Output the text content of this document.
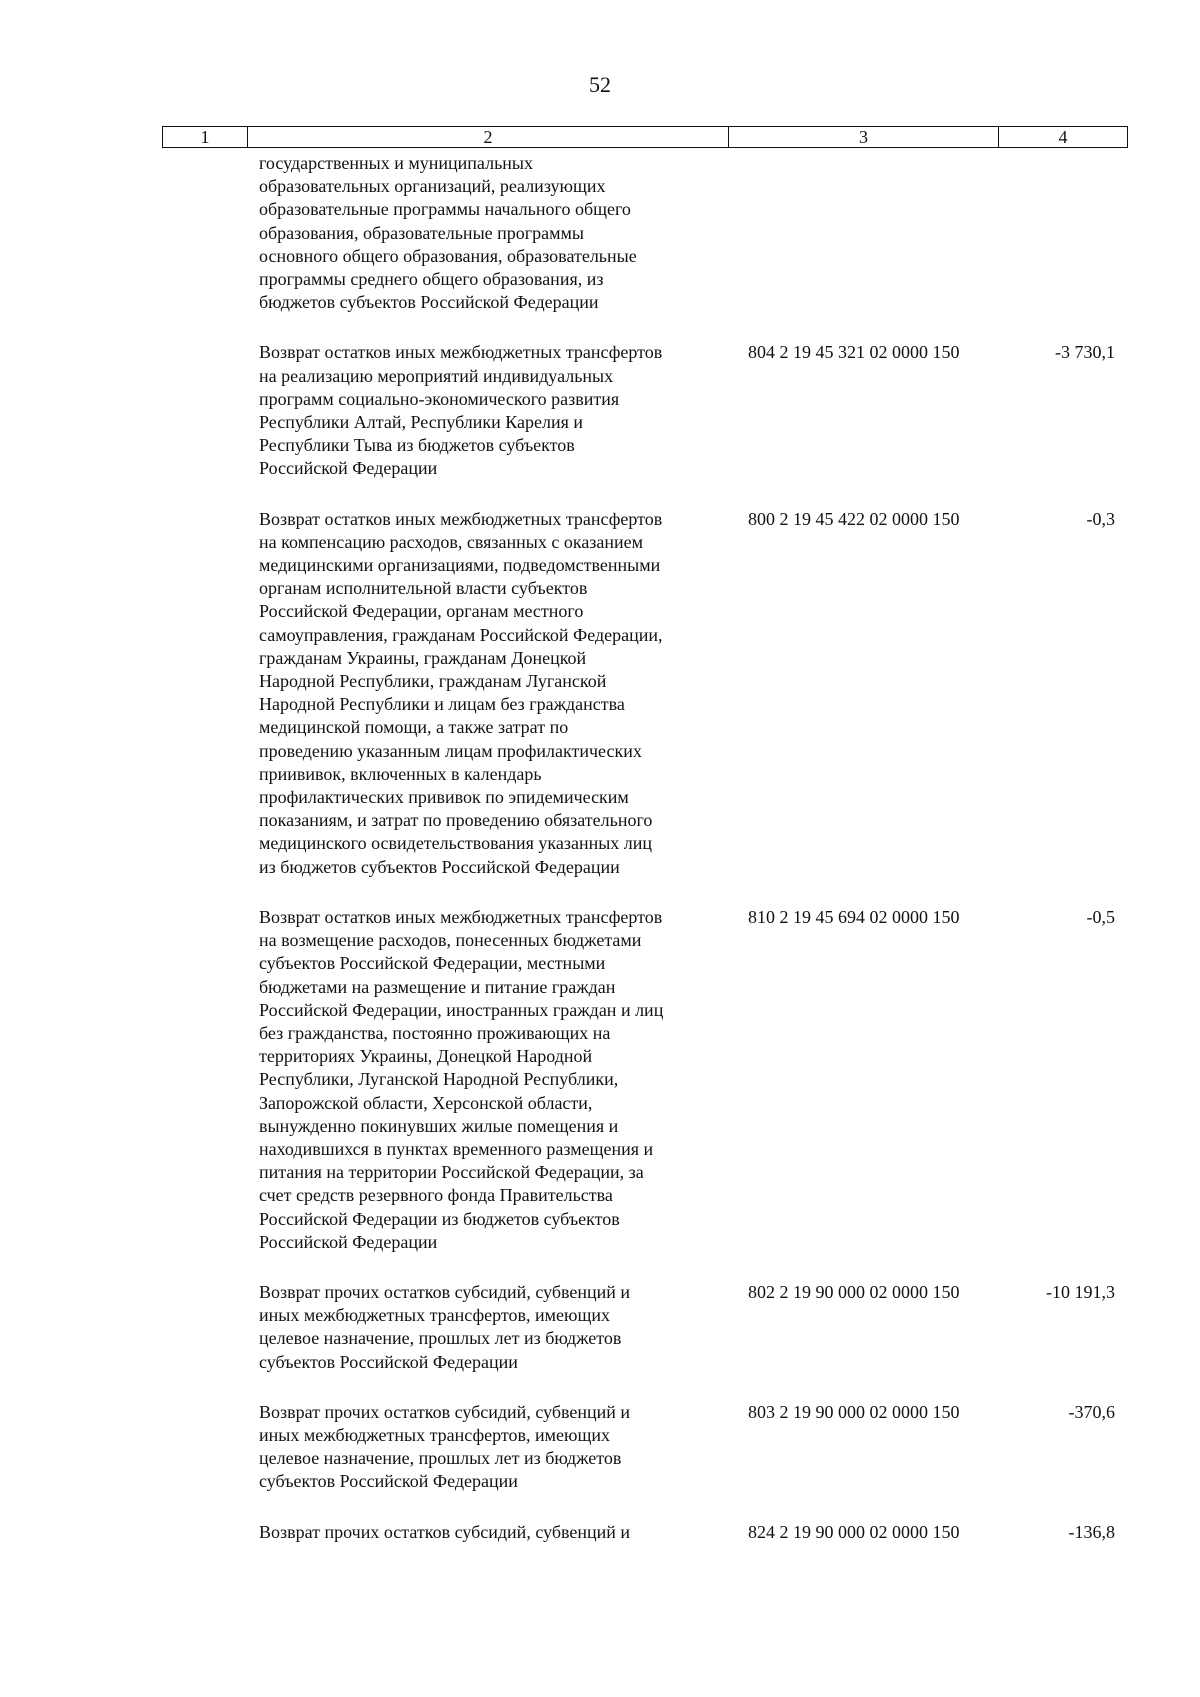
52
1	2	3	4
государственных и муниципальных
образовательных организаций, реализующих
образовательные программы начального общего
образования, образовательные программы
основного общего образования, образовательные
программы среднего общего образования, из
бюджетов субъектов Российской Федерации
Возврат остатков иных межбюджетных трансфертов
на реализацию мероприятий индивидуальных
программ социально-экономического развития
Республики Алтай, Республики Карелия и
Республики Тыва из бюджетов субъектов
Российской Федерации
804 2 19 45 321 02 0000 150	-3 730,1
Возврат остатков иных межбюджетных трансфертов
на компенсацию расходов, связанных с оказанием
медицинскими организациями, подведомственными
органам исполнительной власти субъектов
Российской Федерации, органам местного
самоуправления, гражданам Российской Федерации,
гражданам Украины, гражданам Донецкой
Народной Республики, гражданам Луганской
Народной Республики и лицам без гражданства
медицинской помощи, а также затрат по
проведению указанным лицам профилактических
приививок, включенных в календарь
профилактических прививок по эпидемическим
показаниям, и затрат по проведению обязательного
медицинского освидетельствования указанных лиц
из бюджетов субъектов Российской Федерации
800 2 19 45 422 02 0000 150	-0,3
Возврат остатков иных межбюджетных трансфертов
на возмещение расходов, понесенных бюджетами
субъектов Российской Федерации, местными
бюджетами на размещение и питание граждан
Российской Федерации, иностранных граждан и лиц
без гражданства, постоянно проживающих на
территориях Украины, Донецкой Народной
Республики, Луганской Народной Республики,
Запорожской области, Херсонской области,
вынужденно покинувших жилые помещения и
находившихся в пунктах временного размещения и
питания на территории Российской Федерации, за
счет средств резервного фонда Правительства
Российской Федерации из бюджетов субъектов
Российской Федерации
810 2 19 45 694 02 0000 150	-0,5
Возврат прочих остатков субсидий, субвенций и
иных межбюджетных трансфертов, имеющих
целевое назначение, прошлых лет из бюджетов
субъектов Российской Федерации
802 2 19 90 000 02 0000 150	-10 191,3
Возврат прочих остатков субсидий, субвенций и
иных межбюджетных трансфертов, имеющих
целевое назначение, прошлых лет из бюджетов
субъектов Российской Федерации
803 2 19 90 000 02 0000 150	-370,6
Возврат прочих остатков субсидий, субвенций и	824 2 19 90 000 02 0000 150	-136,8
